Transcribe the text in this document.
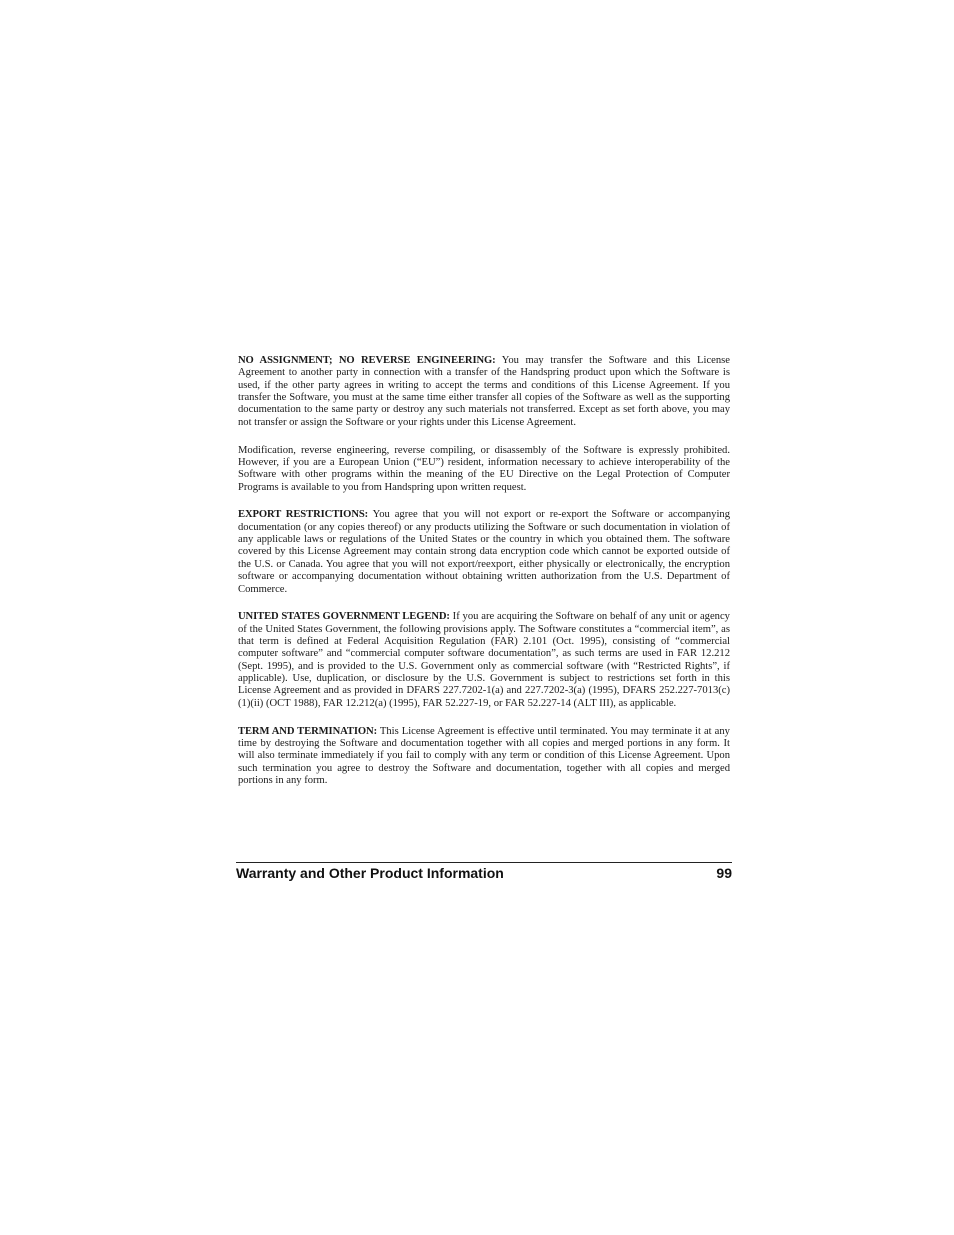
NO ASSIGNMENT; NO REVERSE ENGINEERING: You may transfer the Software and this License Agreement to another party in connection with a transfer of the Handspring product upon which the Software is used, if the other party agrees in writing to accept the terms and conditions of this License Agreement. If you transfer the Software, you must at the same time either transfer all copies of the Software as well as the supporting documentation to the same party or destroy any such materials not transferred. Except as set forth above, you may not transfer or assign the Software or your rights under this License Agreement.

Modification, reverse engineering, reverse compiling, or disassembly of the Software is expressly prohibited. However, if you are a European Union (“EU”) resident, information necessary to achieve interoperability of the Software with other programs within the meaning of the EU Directive on the Legal Protection of Computer Programs is available to you from Handspring upon written request.

EXPORT RESTRICTIONS: You agree that you will not export or re-export the Software or accompanying documentation (or any copies thereof) or any products utilizing the Software or such documentation in violation of any applicable laws or regulations of the United States or the country in which you obtained them. The software covered by this License Agreement may contain strong data encryption code which cannot be exported outside of the U.S. or Canada. You agree that you will not export/reexport, either physically or electronically, the encryption software or accompanying documentation without obtaining written authorization from the U.S. Department of Commerce.

UNITED STATES GOVERNMENT LEGEND: If you are acquiring the Software on behalf of any unit or agency of the United States Government, the following provisions apply. The Software constitutes a “commercial item”, as that term is defined at Federal Acquisition Regulation (FAR) 2.101 (Oct. 1995), consisting of “commercial computer software” and “commercial computer software documentation”, as such terms are used in FAR 12.212 (Sept. 1995), and is provided to the U.S. Government only as commercial software (with “Restricted Rights”, if applicable). Use, duplication, or disclosure by the U.S. Government is subject to restrictions set forth in this License Agreement and as provided in DFARS 227.7202-1(a) and 227.7202-3(a) (1995), DFARS 252.227-7013(c)(1)(ii) (OCT 1988), FAR 12.212(a) (1995), FAR 52.227-19, or FAR 52.227-14 (ALT III), as applicable.

TERM AND TERMINATION: This License Agreement is effective until terminated. You may terminate it at any time by destroying the Software and documentation together with all copies and merged portions in any form. It will also terminate immediately if you fail to comply with any term or condition of this License Agreement. Upon such termination you agree to destroy the Software and documentation, together with all copies and merged portions in any form.

Warranty and Other Product Information	99
